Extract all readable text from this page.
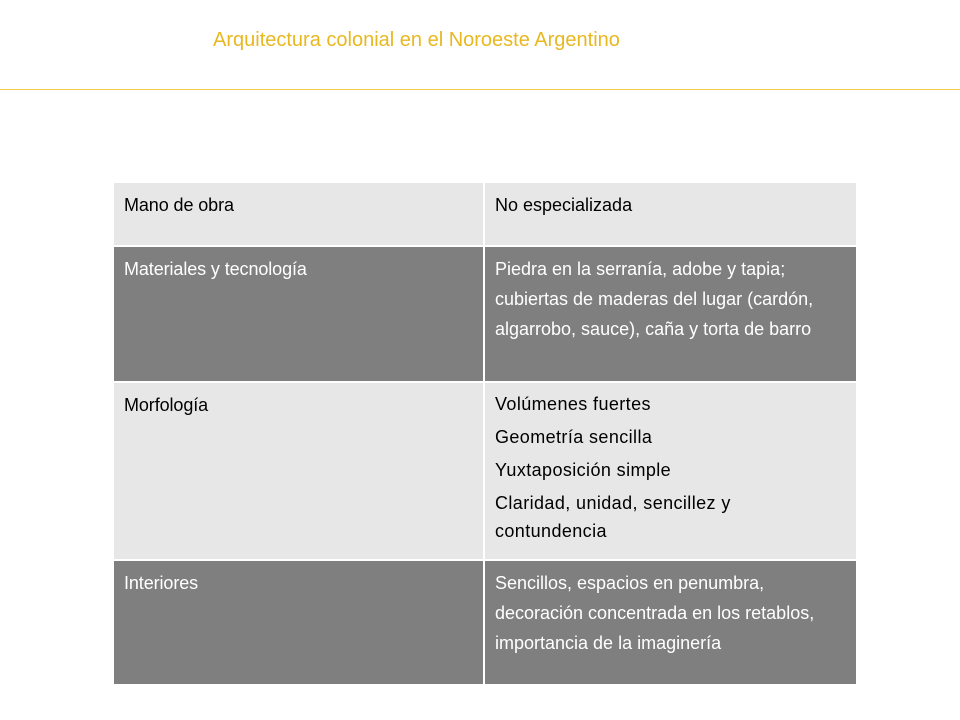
Arquitectura colonial en el Noroeste Argentino
Mano de obra	No especializada
Materiales y tecnología	Piedra en la serranía, adobe y tapia; cubiertas de maderas del lugar (cardón, algarrobo, sauce), caña y torta de barro
Morfología	Volúmenes fuertes
Geometría sencilla
Yuxtaposición simple
Claridad, unidad, sencillez y contundencia

Interiores	Sencillos, espacios en penumbra, decoración concentrada en los retablos, importancia de la imaginería
